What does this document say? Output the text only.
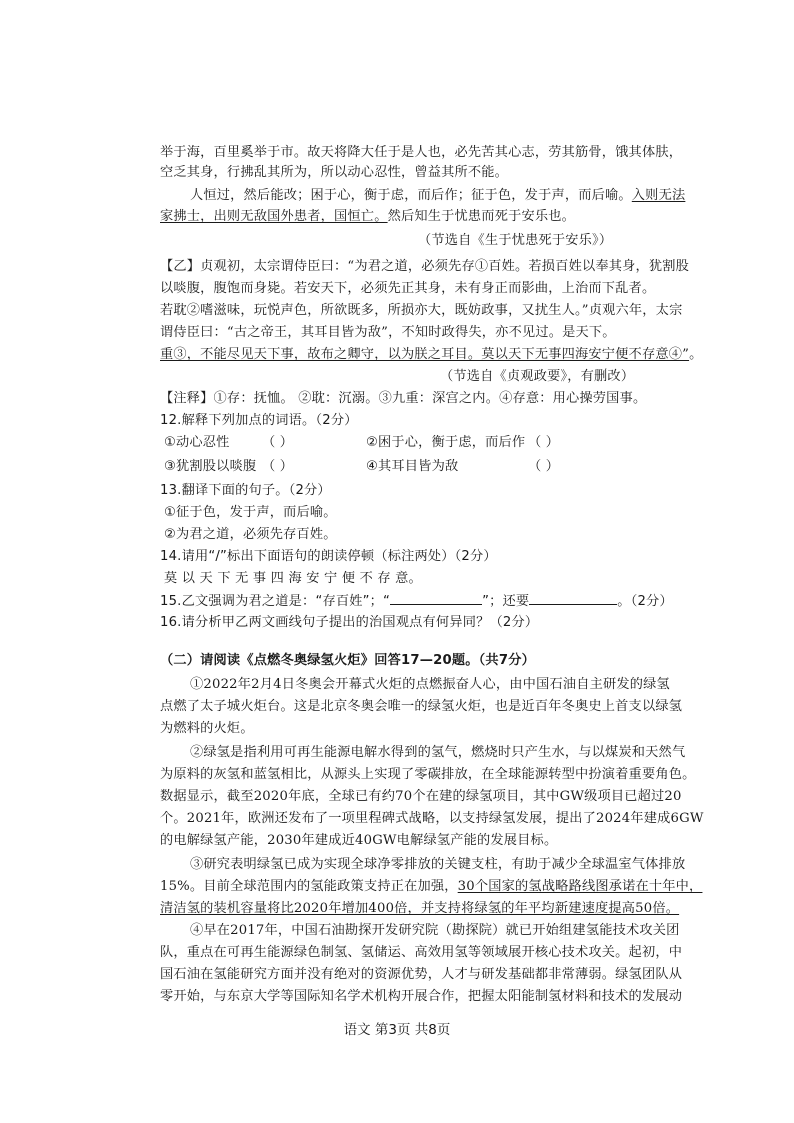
举于海，百里奚举于市。故天将降大任于是人也，必先苦其心志，劳其筋骨，饿其体肤，
空乏其身，行拂乱其所为，所以动心忍性，曾益其所不能。
人恒过，然后能改；困于心，衡于虑，而后作；征于色，发于声，而后喻。入则无法
家拂士，出则无敌国外患者，国恒亡。然后知生于忧患而死于安乐也。
（节选自《生于忧患死于安乐》）
【乙】贞观初，太宗谓侍臣曰：“为君之道，必须先存①百姓。若损百姓以奉其身，犹割股
以啖腹，腹饱而身毙。若安天下，必须先正其身，未有身正而影曲，上治而下乱者。
若耽②嗜滋味，玩悦声色，所欲既多，所损亦大，既妨政事，又扰生人。”贞观六年，太宗
谓侍臣曰：“古之帝王，其耳目皆为敌”，不知时政得失，亦不见过。是天下。
重③，不能尽见天下事，故布之卿守，以为朕之耳目。莫以天下无事四海安宁便不存意④”。
（节选自《贞观政要》，有删改）
【注释】①存：抚恤。 ②耽：沉溺。③九重：深宫之内。④存意：用心操劳国事。
12.解释下列加点的词语。（2分）
①动心忍性 （ ）	②困于心，衡于虑，而后作 （ ）
③犹割股以啖腹 （ ）	④其耳目皆为敌	（ ）
13.翻译下面的句子。（2分）
①征于色，发于声，而后喻。
②为君之道，必须先存百姓。
14.请用“/”标出下面语句的朗读停顿（标注两处）（2分）
莫 以 天 下 无 事 四 海 安 宁 便 不 存 意。
15.乙文强调为君之道是：“存百姓”；“	”；还要	。（2分）
16.请分析甲乙两文画线句子提出的治国观点有何异同？（2分）
（二）请阅读《点燃冬奥绿氢火炬》回答17—20题。（共7分）
①2022年2月4日冬奥会开幕式火炬的点燃振奋人心，由中国石油自主研发的绿氢
点燃了太子城火炬台。这是北京冬奥会唯一的绿氢火炬，也是近百年冬奥史上首支以绿氢
为燃料的火炬。
②绿氢是指利用可再生能源电解水得到的氢气，燃烧时只产生水，与以煤炭和天然气
为原料的灰氢和蓝氢相比，从源头上实现了零碳排放，在全球能源转型中扮演着重要角色。
数据显示，截至2020年底，全球已有约70个在建的绿氢项目，其中GW级项目已超过20
个。2021年，欧洲还发布了一项里程碑式战略，以支持绿氢发展，提出了2024年建成6GW
的电解绿氢产能，2030年建成近40GW电解绿氢产能的发展目标。
③研究表明绿氢已成为实现全球净零排放的关键支柱，有助于减少全球温室气体排放
15%。目前全球范围内的氢能政策支持正在加强，30个国家的氢战略路线图承诺在十年中，
清洁氢的装机容量将比2020年增加400倍，并支持将绿氢的年平均新建速度提高50倍。
④早在2017年，中国石油勘探开发研究院（勘探院）就已开始组建氢能技术攻关团
队，重点在可再生能源绿色制氢、氢储运、高效用氢等领域展开核心技术攻关。起初，中
国石油在氢能研究方面并没有绝对的资源优势，人才与研发基础都非常薄弱。绿氢团队从
零开始，与东京大学等国际知名学术机构开展合作，把握太阳能制氢材料和技术的发展动
语文 第3页 共8页
